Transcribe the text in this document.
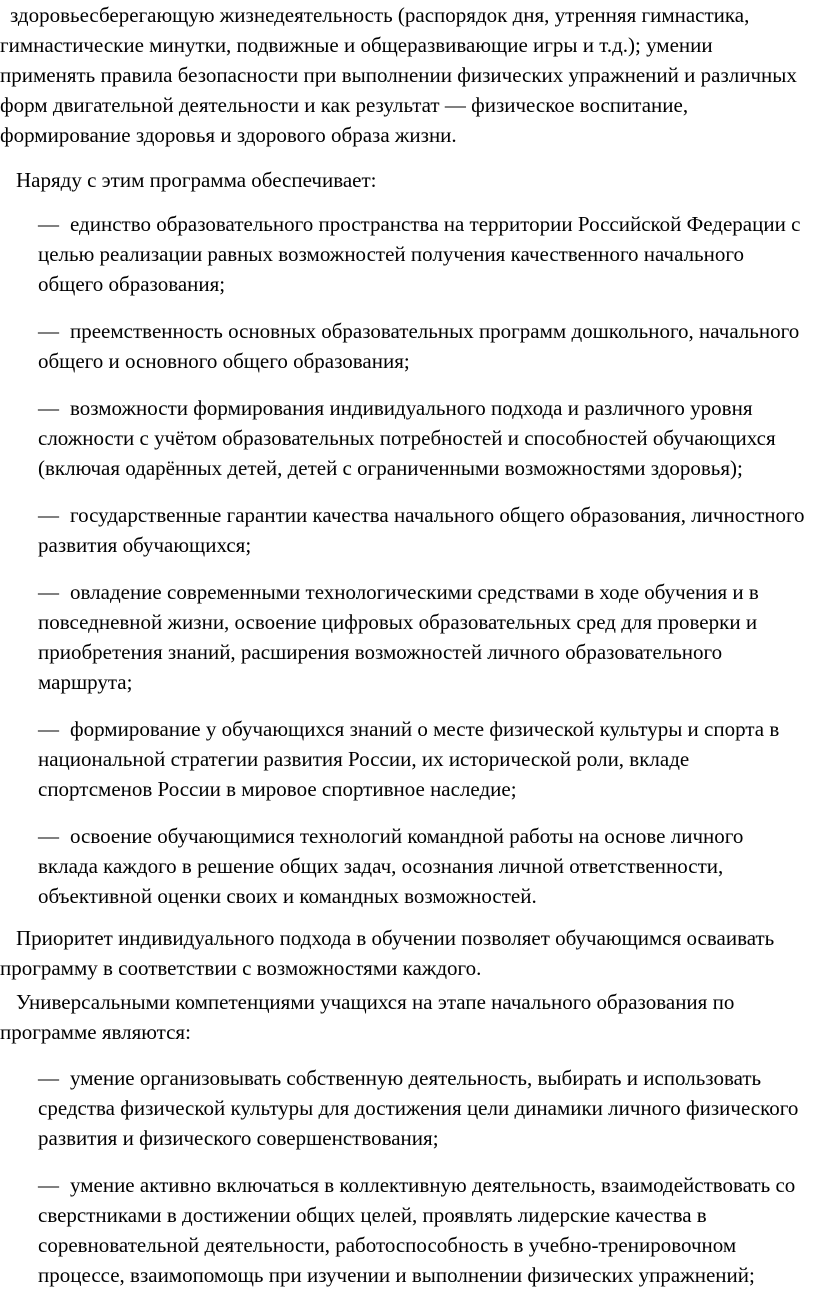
здоровьесберегающую жизнедеятельность (распорядок дня, утренняя гимнастика, гимнастические минутки, подвижные и общеразвивающие игры и т.д.); умении применять правила безопасности при выполнении физических упражнений и различных форм двигательной деятельности и как результат — физическое воспитание, формирование здоровья и здорового образа жизни.

Наряду с этим программа обеспечивает:

— единство образовательного пространства на территории Российской Федерации с целью реализации равных возможностей получения качественного начального общего образования;

— преемственность основных образовательных программ дошкольного, начального общего и основного общего образования;

— возможности формирования индивидуального подхода и различного уровня сложности с учётом образовательных потребностей и способностей обучающихся (включая одарённых детей, детей с ограниченными возможностями здоровья);

— государственные гарантии качества начального общего образования, личностного развития обучающихся;

— овладение современными технологическими средствами в ходе обучения и в повседневной жизни, освоение цифровых образовательных сред для проверки и приобретения знаний, расширения возможностей личного образовательного маршрута;

— формирование у обучающихся знаний о месте физической культуры и спорта в национальной стратегии развития России, их исторической роли, вкладе спортсменов России в мировое спортивное наследие;

— освоение обучающимися технологий командной работы на основе личного вклада каждого в решение общих задач, осознания личной ответственности, объективной оценки своих и командных возможностей.

Приоритет индивидуального подхода в обучении позволяет обучающимся осваивать программу в соответствии с возможностями каждого.

Универсальными компетенциями учащихся на этапе начального образования по программе являются:

— умение организовывать собственную деятельность, выбирать и использовать средства физической культуры для достижения цели динамики личного физического развития и физического совершенствования;

— умение активно включаться в коллективную деятельность, взаимодействовать со сверстниками в достижении общих целей, проявлять лидерские качества в соревновательной деятельности, работоспособность в учебно-тренировочном процессе, взаимопомощь при изучении и выполнении физических упражнений;
